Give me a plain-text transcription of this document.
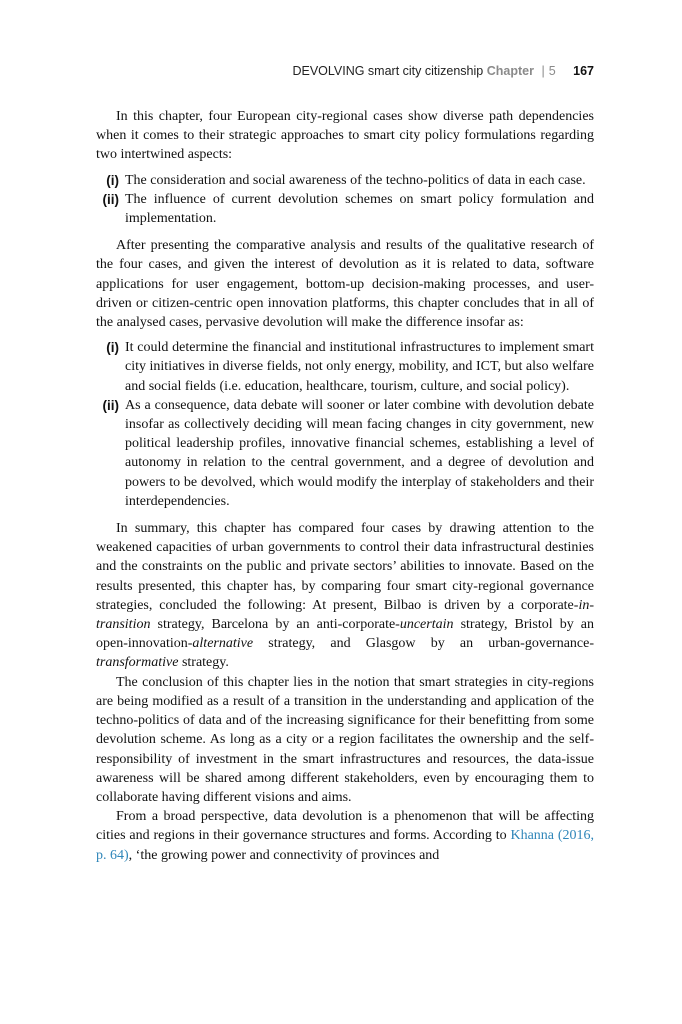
DEVOLVING smart city citizenship Chapter | 5 167

In this chapter, four European city-regional cases show diverse path dependencies when it comes to their strategic approaches to smart city policy formulations regarding two intertwined aspects:

(i) The consideration and social awareness of the techno-politics of data in each case.
(ii) The influence of current devolution schemes on smart policy formulation and implementation.

After presenting the comparative analysis and results of the qualitative research of the four cases, and given the interest of devolution as it is related to data, software applications for user engagement, bottom-up decision-making processes, and user-driven or citizen-centric open innovation platforms, this chapter concludes that in all of the analysed cases, pervasive devolution will make the difference insofar as:

(i) It could determine the financial and institutional infrastructures to implement smart city initiatives in diverse fields, not only energy, mobility, and ICT, but also welfare and social fields (i.e. education, healthcare, tourism, culture, and social policy).
(ii) As a consequence, data debate will sooner or later combine with devolution debate insofar as collectively deciding will mean facing changes in city government, new political leadership profiles, innovative financial schemes, establishing a level of autonomy in relation to the central government, and a degree of devolution and powers to be devolved, which would modify the interplay of stakeholders and their interdependencies.

In summary, this chapter has compared four cases by drawing attention to the weakened capacities of urban governments to control their data infrastructural destinies and the constraints on the public and private sectors’ abilities to innovate. Based on the results presented, this chapter has, by comparing four smart city-regional governance strategies, concluded the following: At present, Bilbao is driven by a corporate-in-transition strategy, Barcelona by an anti-corporate-uncertain strategy, Bristol by an open-innovation-alternative strategy, and Glasgow by an urban-governance-transformative strategy.

The conclusion of this chapter lies in the notion that smart strategies in city-regions are being modified as a result of a transition in the understanding and application of the techno-politics of data and of the increasing significance for their benefitting from some devolution scheme. As long as a city or a region facilitates the ownership and the self-responsibility of investment in the smart infrastructures and resources, the data-issue awareness will be shared among different stakeholders, even by encouraging them to collaborate having different visions and aims.

From a broad perspective, data devolution is a phenomenon that will be affecting cities and regions in their governance structures and forms. According to Khanna (2016, p. 64), ‘the growing power and connectivity of provinces and
